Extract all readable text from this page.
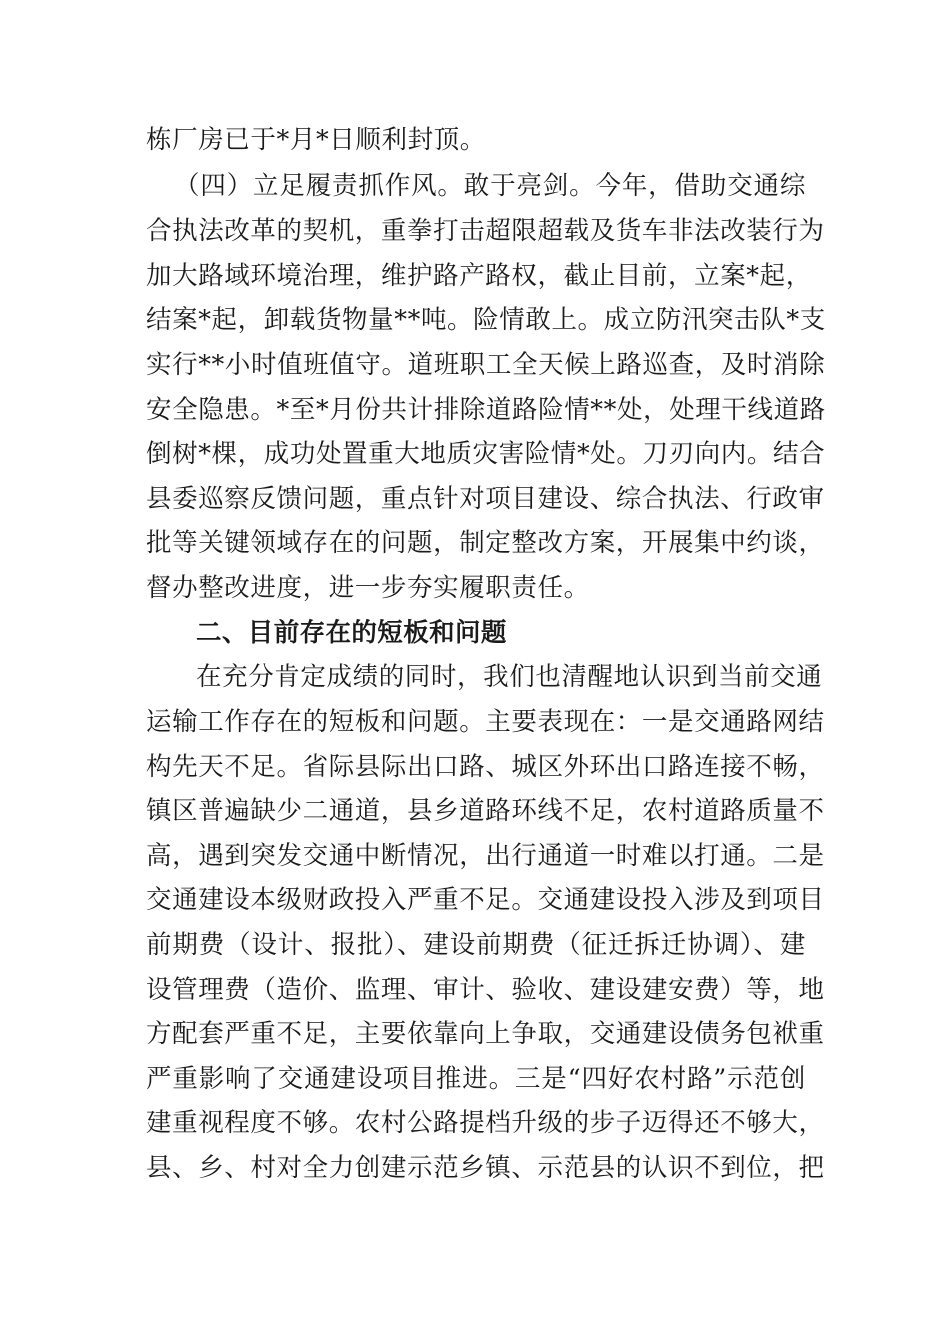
栋厂房已于*月*日顺利封顶。
（四）立足履责抓作风。敢于亮剑。今年，借助交通综
合执法改革的契机，重拳打击超限超载及货车非法改装行为
加大路域环境治理，维护路产路权，截止目前，立案*起，
结案*起，卸载货物量**吨。险情敢上。成立防汛突击队*支
实行**小时值班值守。道班职工全天候上路巡查，及时消除
安全隐患。*至*月份共计排除道路险情**处，处理干线道路
倒树*棵，成功处置重大地质灾害险情*处。刀刃向内。结合
县委巡察反馈问题，重点针对项目建设、综合执法、行政审
批等关键领域存在的问题，制定整改方案，开展集中约谈，
督办整改进度，进一步夯实履职责任。
二、目前存在的短板和问题
在充分肯定成绩的同时，我们也清醒地认识到当前交通
运输工作存在的短板和问题。主要表现在：一是交通路网结
构先天不足。省际县际出口路、城区外环出口路连接不畅，
镇区普遍缺少二通道，县乡道路环线不足，农村道路质量不
高，遇到突发交通中断情况，出行通道一时难以打通。二是
交通建设本级财政投入严重不足。交通建设投入涉及到项目
前期费（设计、报批）、建设前期费（征迁拆迁协调）、建
设管理费（造价、监理、审计、验收、建设建安费）等，地
方配套严重不足，主要依靠向上争取，交通建设债务包袱重
严重影响了交通建设项目推进。三是“四好农村路”示范创
建重视程度不够。农村公路提档升级的步子迈得还不够大，
县、乡、村对全力创建示范乡镇、示范县的认识不到位，把
